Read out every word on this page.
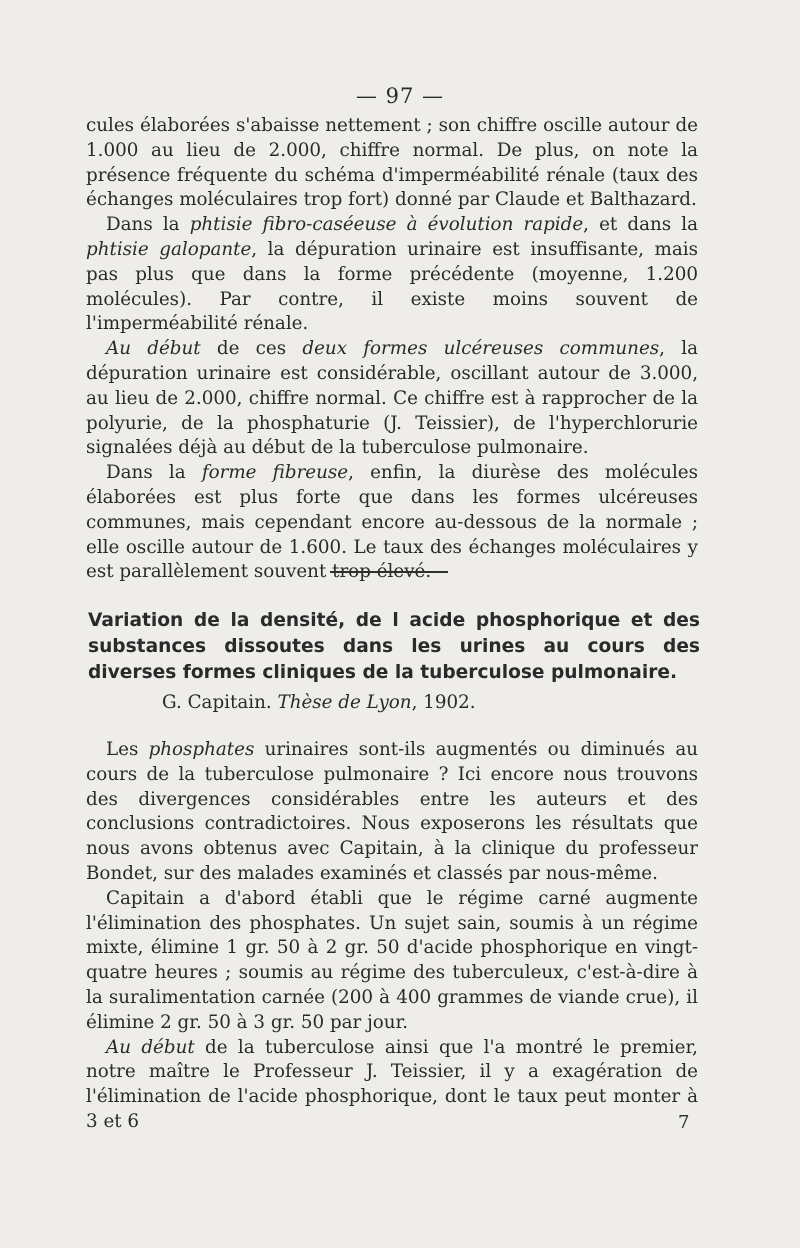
— 97 —

cules élaborées s'abaisse nettement ; son chiffre oscille autour de 1.000 au lieu de 2.000, chiffre normal. De plus, on note la présence fréquente du schéma d'imperméabilité rénale (taux des échanges moléculaires trop fort) donné par Claude et Balthazard.

Dans la phtisie fibro-caséeuse à évolution rapide, et dans la phtisie galopante, la dépuration urinaire est insuffisante, mais pas plus que dans la forme précédente (moyenne, 1.200 molécules). Par contre, il existe moins souvent de l'imperméabilité rénale.

Au début de ces deux formes ulcéreuses communes, la dépuration urinaire est considérable, oscillant autour de 3.000, au lieu de 2.000, chiffre normal. Ce chiffre est à rapprocher de la polyurie, de la phosphaturie (J. Teissier), de l'hyperchlorurie signalées déjà au début de la tuberculose pulmonaire.

Dans la forme fibreuse, enfin, la diurèse des molécules élaborées est plus forte que dans les formes ulcéreuses communes, mais cependant encore au-dessous de la normale ; elle oscille autour de 1.600. Le taux des échanges moléculaires y est parallèlement souvent trop élevé.

Variation de la densité, de l acide phosphorique et des substances dissoutes dans les urines au cours des diverses formes cliniques de la tuberculose pulmonaire.

G. Capitain. Thèse de Lyon, 1902.

Les phosphates urinaires sont-ils augmentés ou diminués au cours de la tuberculose pulmonaire ? Ici encore nous trouvons des divergences considérables entre les auteurs et des conclusions contradictoires. Nous exposerons les résultats que nous avons obtenus avec Capitain, à la clinique du professeur Bondet, sur des malades examinés et classés par nous-même.

Capitain a d'abord établi que le régime carné augmente l'élimination des phosphates. Un sujet sain, soumis à un régime mixte, élimine 1 gr. 50 à 2 gr. 50 d'acide phosphorique en vingt-quatre heures ; soumis au régime des tuberculeux, c'est-à-dire à la suralimentation carnée (200 à 400 grammes de viande crue), il élimine 2 gr. 50 à 3 gr. 50 par jour.

Au début de la tuberculose ainsi que l'a montré le premier, notre maître le Professeur J. Teissier, il y a exagération de l'élimination de l'acide phosphorique, dont le taux peut monter à 3 et 6	7
